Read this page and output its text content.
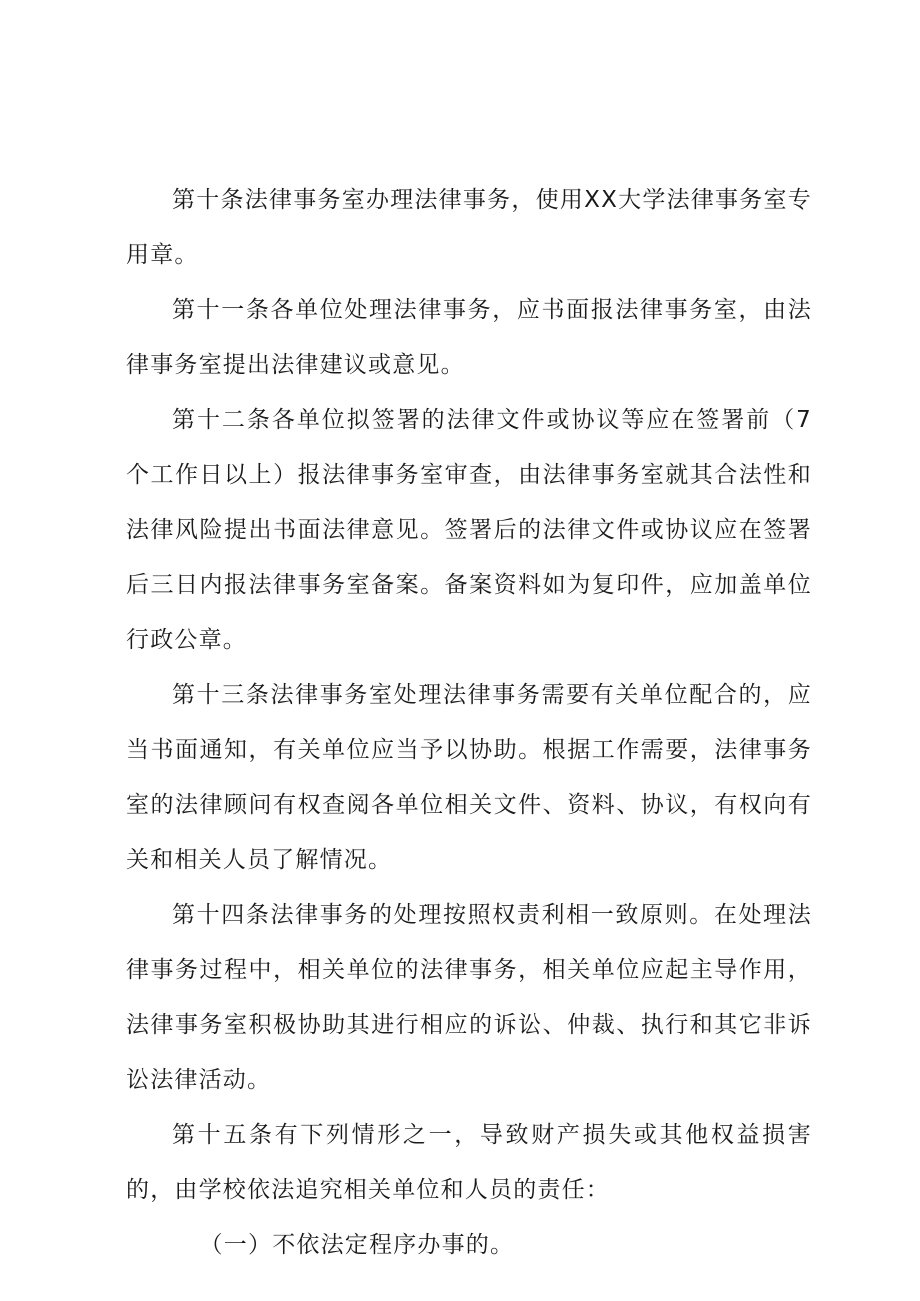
第十条法律事务室办理法律事务，使用XX大学法律事务室专用章。

第十一条各单位处理法律事务，应书面报法律事务室，由法律事务室提出法律建议或意见。

第十二条各单位拟签署的法律文件或协议等应在签署前（7个工作日以上）报法律事务室审查，由法律事务室就其合法性和法律风险提出书面法律意见。签署后的法律文件或协议应在签署后三日内报法律事务室备案。备案资料如为复印件，应加盖单位行政公章。

第十三条法律事务室处理法律事务需要有关单位配合的，应当书面通知，有关单位应当予以协助。根据工作需要，法律事务室的法律顾问有权查阅各单位相关文件、资料、协议，有权向有关和相关人员了解情况。

第十四条法律事务的处理按照权责利相一致原则。在处理法律事务过程中，相关单位的法律事务，相关单位应起主导作用，法律事务室积极协助其进行相应的诉讼、仲裁、执行和其它非诉讼法律活动。

第十五条有下列情形之一，导致财产损失或其他权益损害的，由学校依法追究相关单位和人员的责任：

（一）不依法定程序办事的。
